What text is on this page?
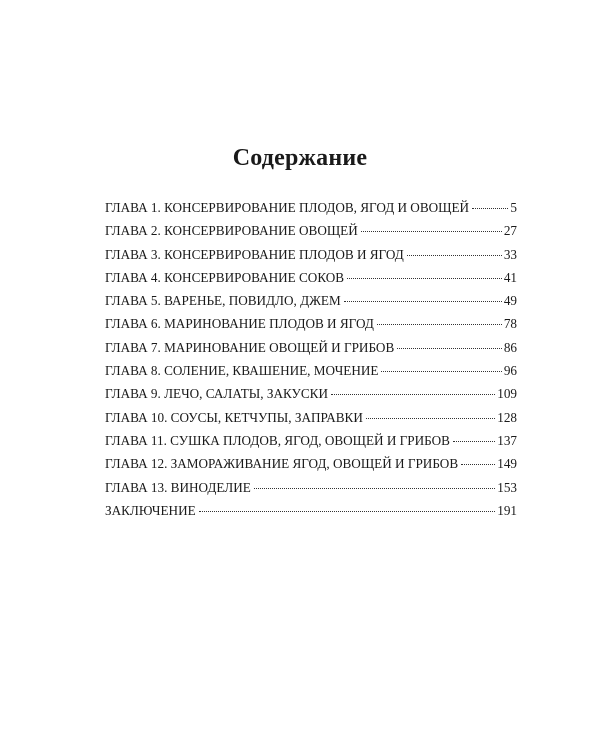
Содержание
ГЛАВА 1. КОНСЕРВИРОВАНИЕ ПЛОДОВ, ЯГОД И ОВОЩЕЙ	5
ГЛАВА 2. КОНСЕРВИРОВАНИЕ ОВОЩЕЙ	27
ГЛАВА 3. КОНСЕРВИРОВАНИЕ ПЛОДОВ И ЯГОД	33
ГЛАВА 4. КОНСЕРВИРОВАНИЕ СОКОВ	41
ГЛАВА 5. ВАРЕНЬЕ, ПОВИДЛО, ДЖЕМ	49
ГЛАВА 6. МАРИНОВАНИЕ ПЛОДОВ И ЯГОД	78
ГЛАВА 7. МАРИНОВАНИЕ ОВОЩЕЙ И ГРИБОВ	86
ГЛАВА 8. СОЛЕНИЕ, КВАШЕНИЕ, МОЧЕНИЕ	96
ГЛАВА 9. ЛЕЧО, САЛАТЫ, ЗАКУСКИ	109
ГЛАВА 10. СОУСЫ, КЕТЧУПЫ, ЗАПРАВКИ	128
ГЛАВА 11. СУШКА ПЛОДОВ, ЯГОД, ОВОЩЕЙ И ГРИБОВ	137
ГЛАВА 12. ЗАМОРАЖИВАНИЕ ЯГОД, ОВОЩЕЙ И ГРИБОВ	149
ГЛАВА 13. ВИНОДЕЛИЕ	153
ЗАКЛЮЧЕНИЕ	191
